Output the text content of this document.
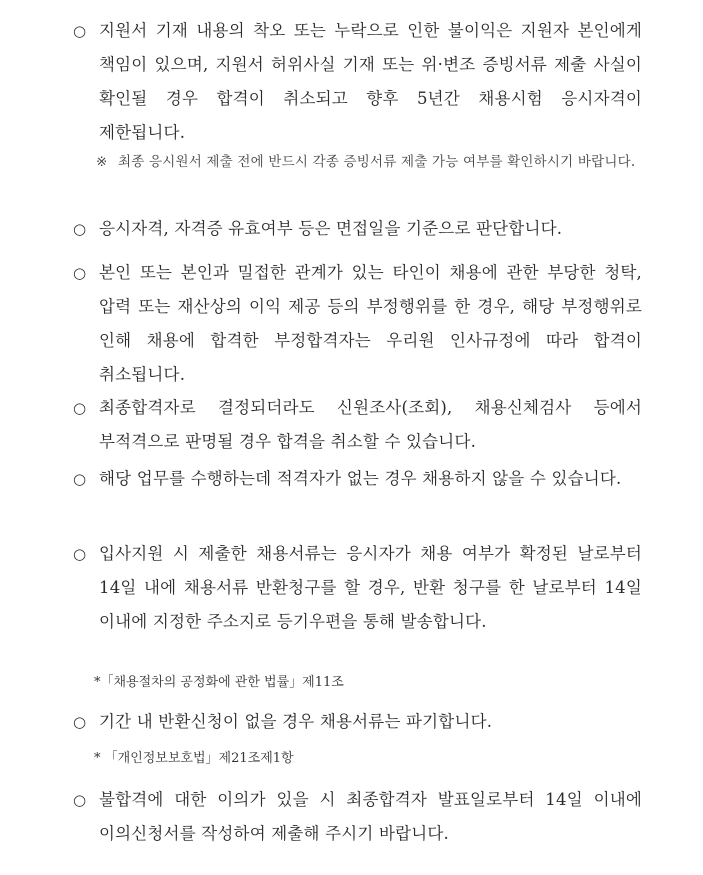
○ 지원서 기재 내용의 착오 또는 누락으로 인한 불이익은 지원자 본인에게 책임이 있으며, 지원서 허위사실 기재 또는 위·변조 증빙서류 제출 사실이 확인될 경우 합격이 취소되고 향후 5년간 채용시험 응시자격이 제한됩니다.
※ 최종 응시원서 제출 전에 반드시 각종 증빙서류 제출 가능 여부를 확인하시기 바랍니다.
○ 응시자격, 자격증 유효여부 등은 면접일을 기준으로 판단합니다.
○ 본인 또는 본인과 밀접한 관계가 있는 타인이 채용에 관한 부당한 청탁, 압력 또는 재산상의 이익 제공 등의 부정행위를 한 경우, 해당 부정행위로 인해 채용에 합격한 부정합격자는 우리원 인사규정에 따라 합격이 취소됩니다.
○ 최종합격자로 결정되더라도 신원조사(조회), 채용신체검사 등에서 부적격으로 판명될 경우 합격을 취소할 수 있습니다.
○ 해당 업무를 수행하는데 적격자가 없는 경우 채용하지 않을 수 있습니다.
○ 입사지원 시 제출한 채용서류는 응시자가 채용 여부가 확정된 날로부터 14일 내에 채용서류 반환청구를 할 경우, 반환 청구를 한 날로부터 14일 이내에 지정한 주소지로 등기우편을 통해 발송합니다.
*「채용절차의 공정화에 관한 법률」제11조
○ 기간 내 반환신청이 없을 경우 채용서류는 파기합니다.
* 「개인정보보호법」제21조제1항
○ 불합격에 대한 이의가 있을 시 최종합격자 발표일로부터 14일 이내에 이의신청서를 작성하여 제출해 주시기 바랍니다.
